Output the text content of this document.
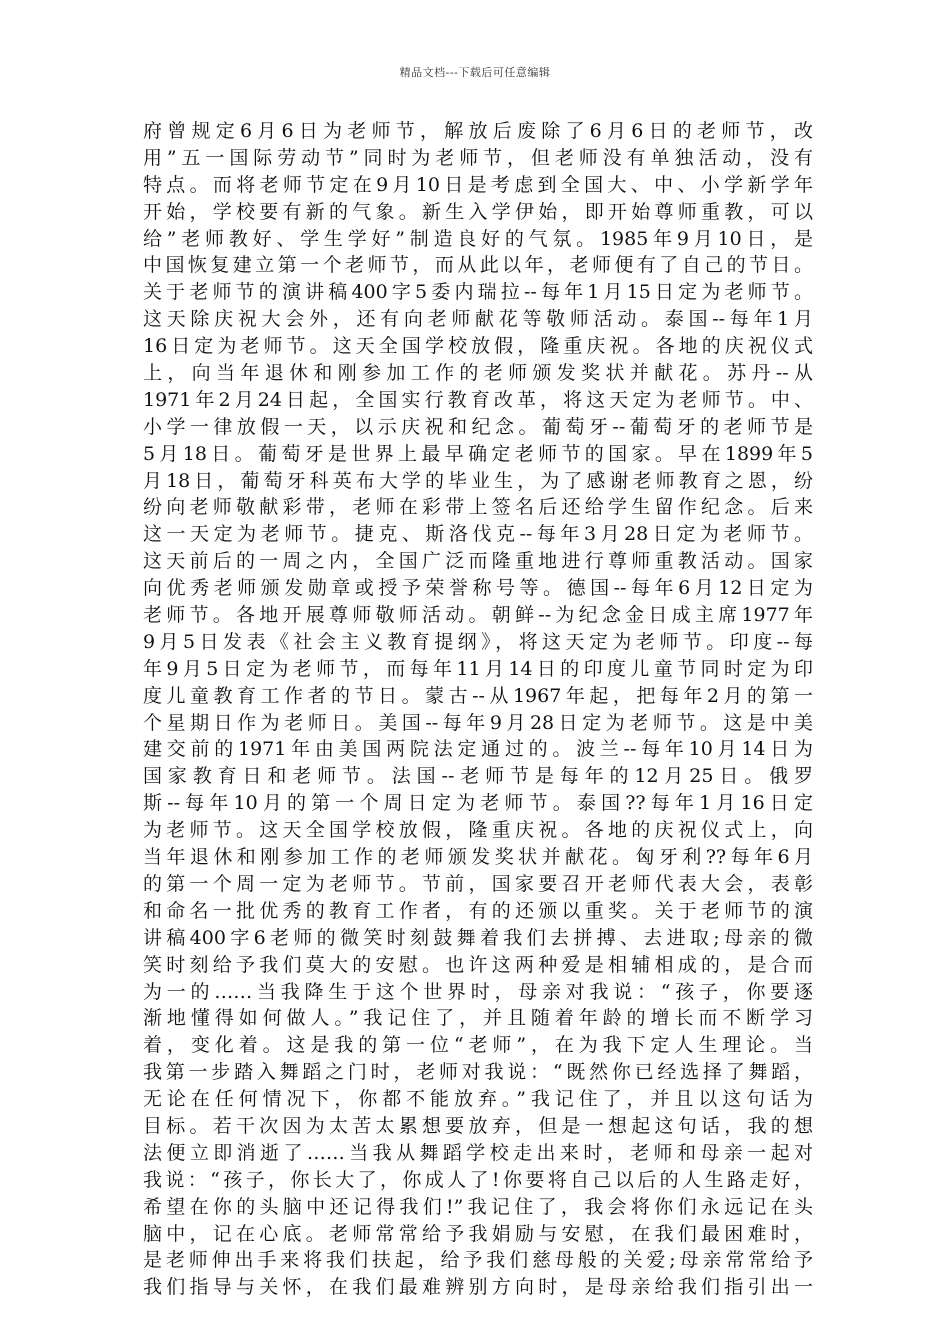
精品文档---下载后可任意编辑
府曾规定6月6日为老师节，解放后废除了6月6日的老师节，改
用”五一国际劳动节”同时为老师节，但老师没有单独活动，没有
特点。而将老师节定在9月10日是考虑到全国大、中、小学新学年
开始，学校要有新的气象。新生入学伊始，即开始尊师重教，可以
给”老师教好、学生学好”制造良好的气氛。1985年9月10日，是
中国恢复建立第一个老师节，而从此以年，老师便有了自己的节日。
关于老师节的演讲稿400字5委内瑞拉--每年1月15日定为老师节。
这天除庆祝大会外，还有向老师献花等敬师活动。泰国--每年1月
16日定为老师节。这天全国学校放假，隆重庆祝。各地的庆祝仪式
上，向当年退休和刚参加工作的老师颁发奖状并献花。苏丹--从
1971年2月24日起，全国实行教育改革，将这天定为老师节。中、
小学一律放假一天，以示庆祝和纪念。葡萄牙--葡萄牙的老师节是
5月18日。葡萄牙是世界上最早确定老师节的国家。早在1899年5
月18日，葡萄牙科英布大学的毕业生，为了感谢老师教育之恩，纷
纷向老师敬献彩带，老师在彩带上签名后还给学生留作纪念。后来
这一天定为老师节。捷克、斯洛伐克--每年3月28日定为老师节。
这天前后的一周之内，全国广泛而隆重地进行尊师重教活动。国家
向优秀老师颁发勋章或授予荣誉称号等。德国--每年6月12日定为
老师节。各地开展尊师敬师活动。朝鲜--为纪念金日成主席1977年
9月5日发表《社会主义教育提纲》，将这天定为老师节。印度--每
年9月5日定为老师节，而每年11月14日的印度儿童节同时定为印
度儿童教育工作者的节日。蒙古--从1967年起，把每年2月的第一
个星期日作为老师日。美国--每年9月28日定为老师节。这是中美
建交前的1971年由美国两院法定通过的。波兰--每年10月14日为
国家教育日和老师节。法国--老师节是每年的12月25日。俄罗
斯--每年10月的第一个周日定为老师节。泰国??每年1月16日定
为老师节。这天全国学校放假，隆重庆祝。各地的庆祝仪式上，向
当年退休和刚参加工作的老师颁发奖状并献花。匈牙利??每年6月
的第一个周一定为老师节。节前，国家要召开老师代表大会，表彰
和命名一批优秀的教育工作者，有的还颁以重奖。关于老师节的演
讲稿400字6老师的微笑时刻鼓舞着我们去拼搏、去进取;母亲的微
笑时刻给予我们莫大的安慰。也许这两种爱是相辅相成的，是合而
为一的……当我降生于这个世界时，母亲对我说：“孩子，你要逐
渐地懂得如何做人。”我记住了，并且随着年龄的增长而不断学习
着，变化着。这是我的第一位“老师”，在为我下定人生理论。当
我第一步踏入舞蹈之门时，老师对我说：“既然你已经选择了舞蹈，
无论在任何情况下，你都不能放弃。”我记住了，并且以这句话为
目标。若干次因为太苦太累想要放弃，但是一想起这句话，我的想
法便立即消逝了……当我从舞蹈学校走出来时，老师和母亲一起对
我说：“孩子，你长大了，你成人了!你要将自己以后的人生路走好，
希望在你的头脑中还记得我们!”我记住了，我会将你们永远记在头
脑中，记在心底。老师常常给予我娟励与安慰，在我们最困难时，
是老师伸出手来将我们扶起，给予我们慈母般的关爱;母亲常常给予
我们指导与关怀，在我们最难辨别方向时，是母亲给我们指引出一
